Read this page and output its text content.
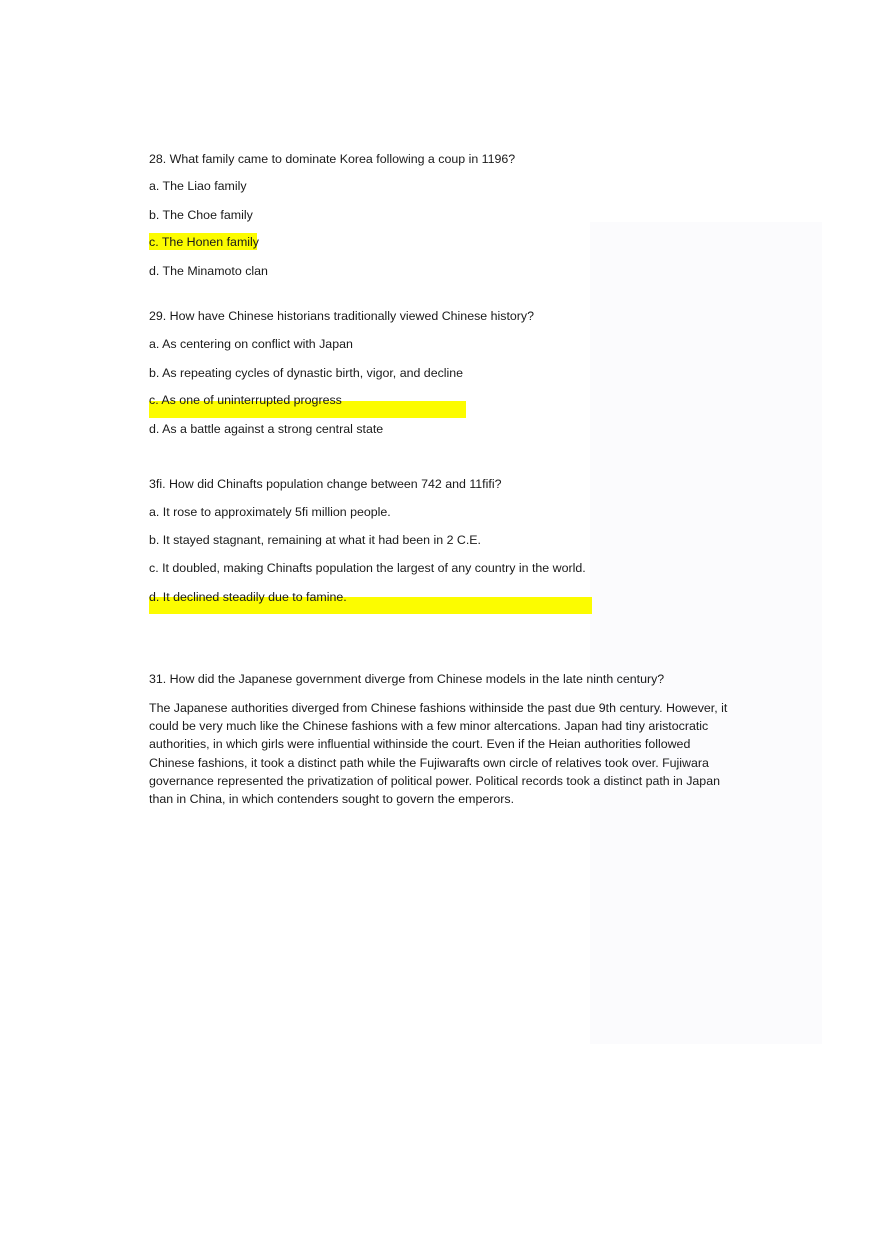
28. What family came to dominate Korea following a coup in 1196?
a. The Liao family
b. The Choe family
c. The Honen family
d. The Minamoto clan
29. How have Chinese historians traditionally viewed Chinese history?
a. As centering on conflict with Japan
b. As repeating cycles of dynastic birth, vigor, and decline
c. As one of uninterrupted progress
d. As a battle against a strong central state
3fi. How did Chinafts population change between 742 and 11fifi?
a. It rose to approximately 5fi million people.
b. It stayed stagnant, remaining at what it had been in 2 C.E.
c. It doubled, making Chinafts population the largest of any country in the world.
d. It declined steadily due to famine.
31. How did the Japanese government diverge from Chinese models in the late ninth century?
The Japanese authorities diverged from Chinese fashions withinside the past due 9th century. However, it could be very much like the Chinese fashions with a few minor altercations. Japan had tiny aristocratic authorities, in which girls were influential withinside the court. Even if the Heian authorities followed Chinese fashions, it took a distinct path while the Fujiwarafts own circle of relatives took over. Fujiwara governance represented the privatization of political power. Political records took a distinct path in Japan than in China, in which contenders sought to govern the emperors.
